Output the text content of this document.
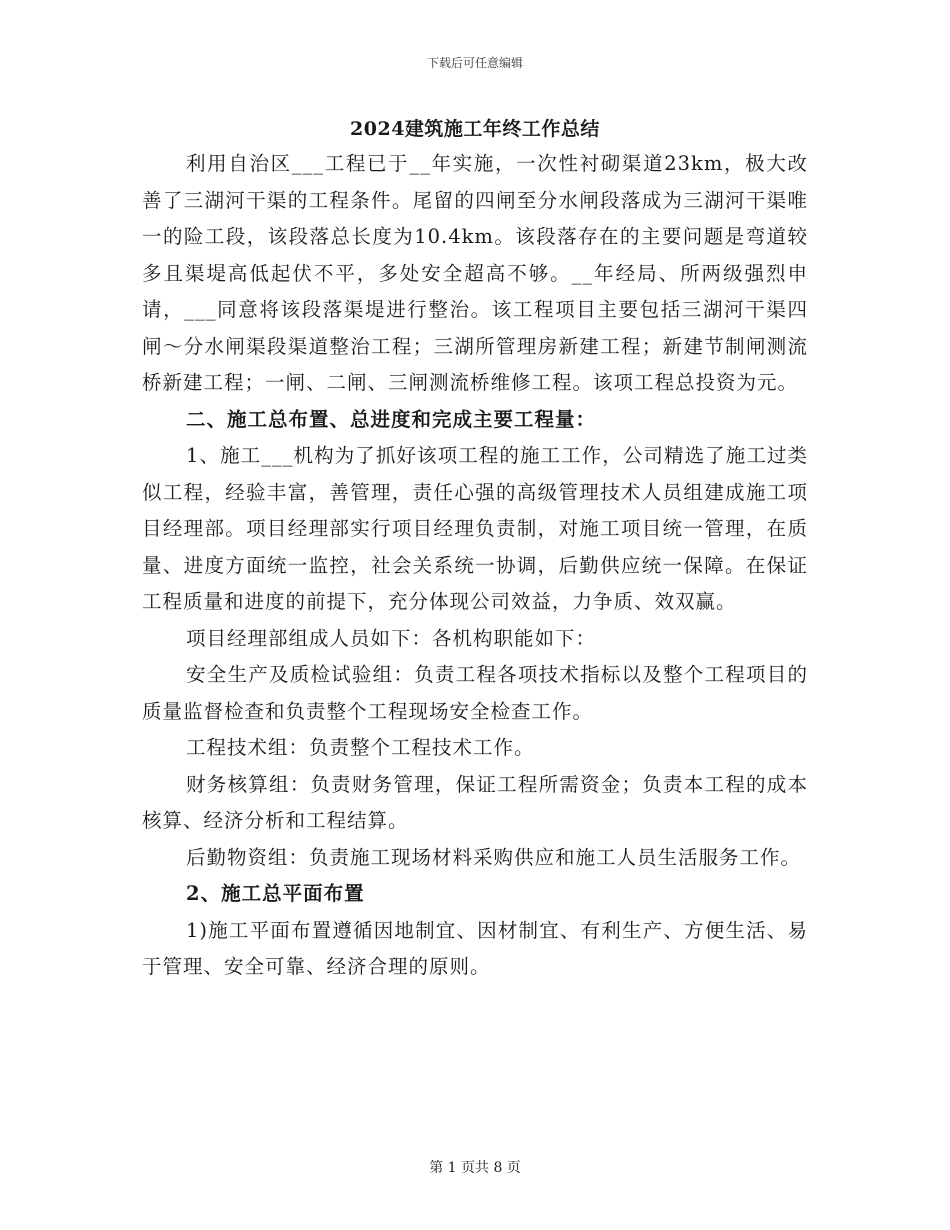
下载后可任意编辑
2024建筑施工年终工作总结

利用自治区___工程已于__年实施，一次性衬砌渠道23km，极大改善了三湖河干渠的工程条件。尾留的四闸至分水闸段落成为三湖河干渠唯一的险工段，该段落总长度为10.4km。该段落存在的主要问题是弯道较多且渠堤高低起伏不平，多处安全超高不够。__年经局、所两级强烈申请，___同意将该段落渠堤进行整治。该工程项目主要包括三湖河干渠四闸～分水闸渠段渠道整治工程；三湖所管理房新建工程；新建节制闸测流桥新建工程；一闸、二闸、三闸测流桥维修工程。该项工程总投资为元。

二、施工总布置、总进度和完成主要工程量：

1、施工___机构为了抓好该项工程的施工工作，公司精选了施工过类似工程，经验丰富，善管理，责任心强的高级管理技术人员组建成施工项目经理部。项目经理部实行项目经理负责制，对施工项目统一管理，在质量、进度方面统一监控，社会关系统一协调，后勤供应统一保障。在保证工程质量和进度的前提下，充分体现公司效益，力争质、效双赢。

项目经理部组成人员如下：各机构职能如下：

安全生产及质检试验组：负责工程各项技术指标以及整个工程项目的质量监督检查和负责整个工程现场安全检查工作。

工程技术组：负责整个工程技术工作。

财务核算组：负责财务管理，保证工程所需资金；负责本工程的成本核算、经济分析和工程结算。

后勤物资组：负责施工现场材料采购供应和施工人员生活服务工作。

2、施工总平面布置

1)施工平面布置遵循因地制宜、因材制宜、有利生产、方便生活、易于管理、安全可靠、经济合理的原则。

第 1 页共 8 页
